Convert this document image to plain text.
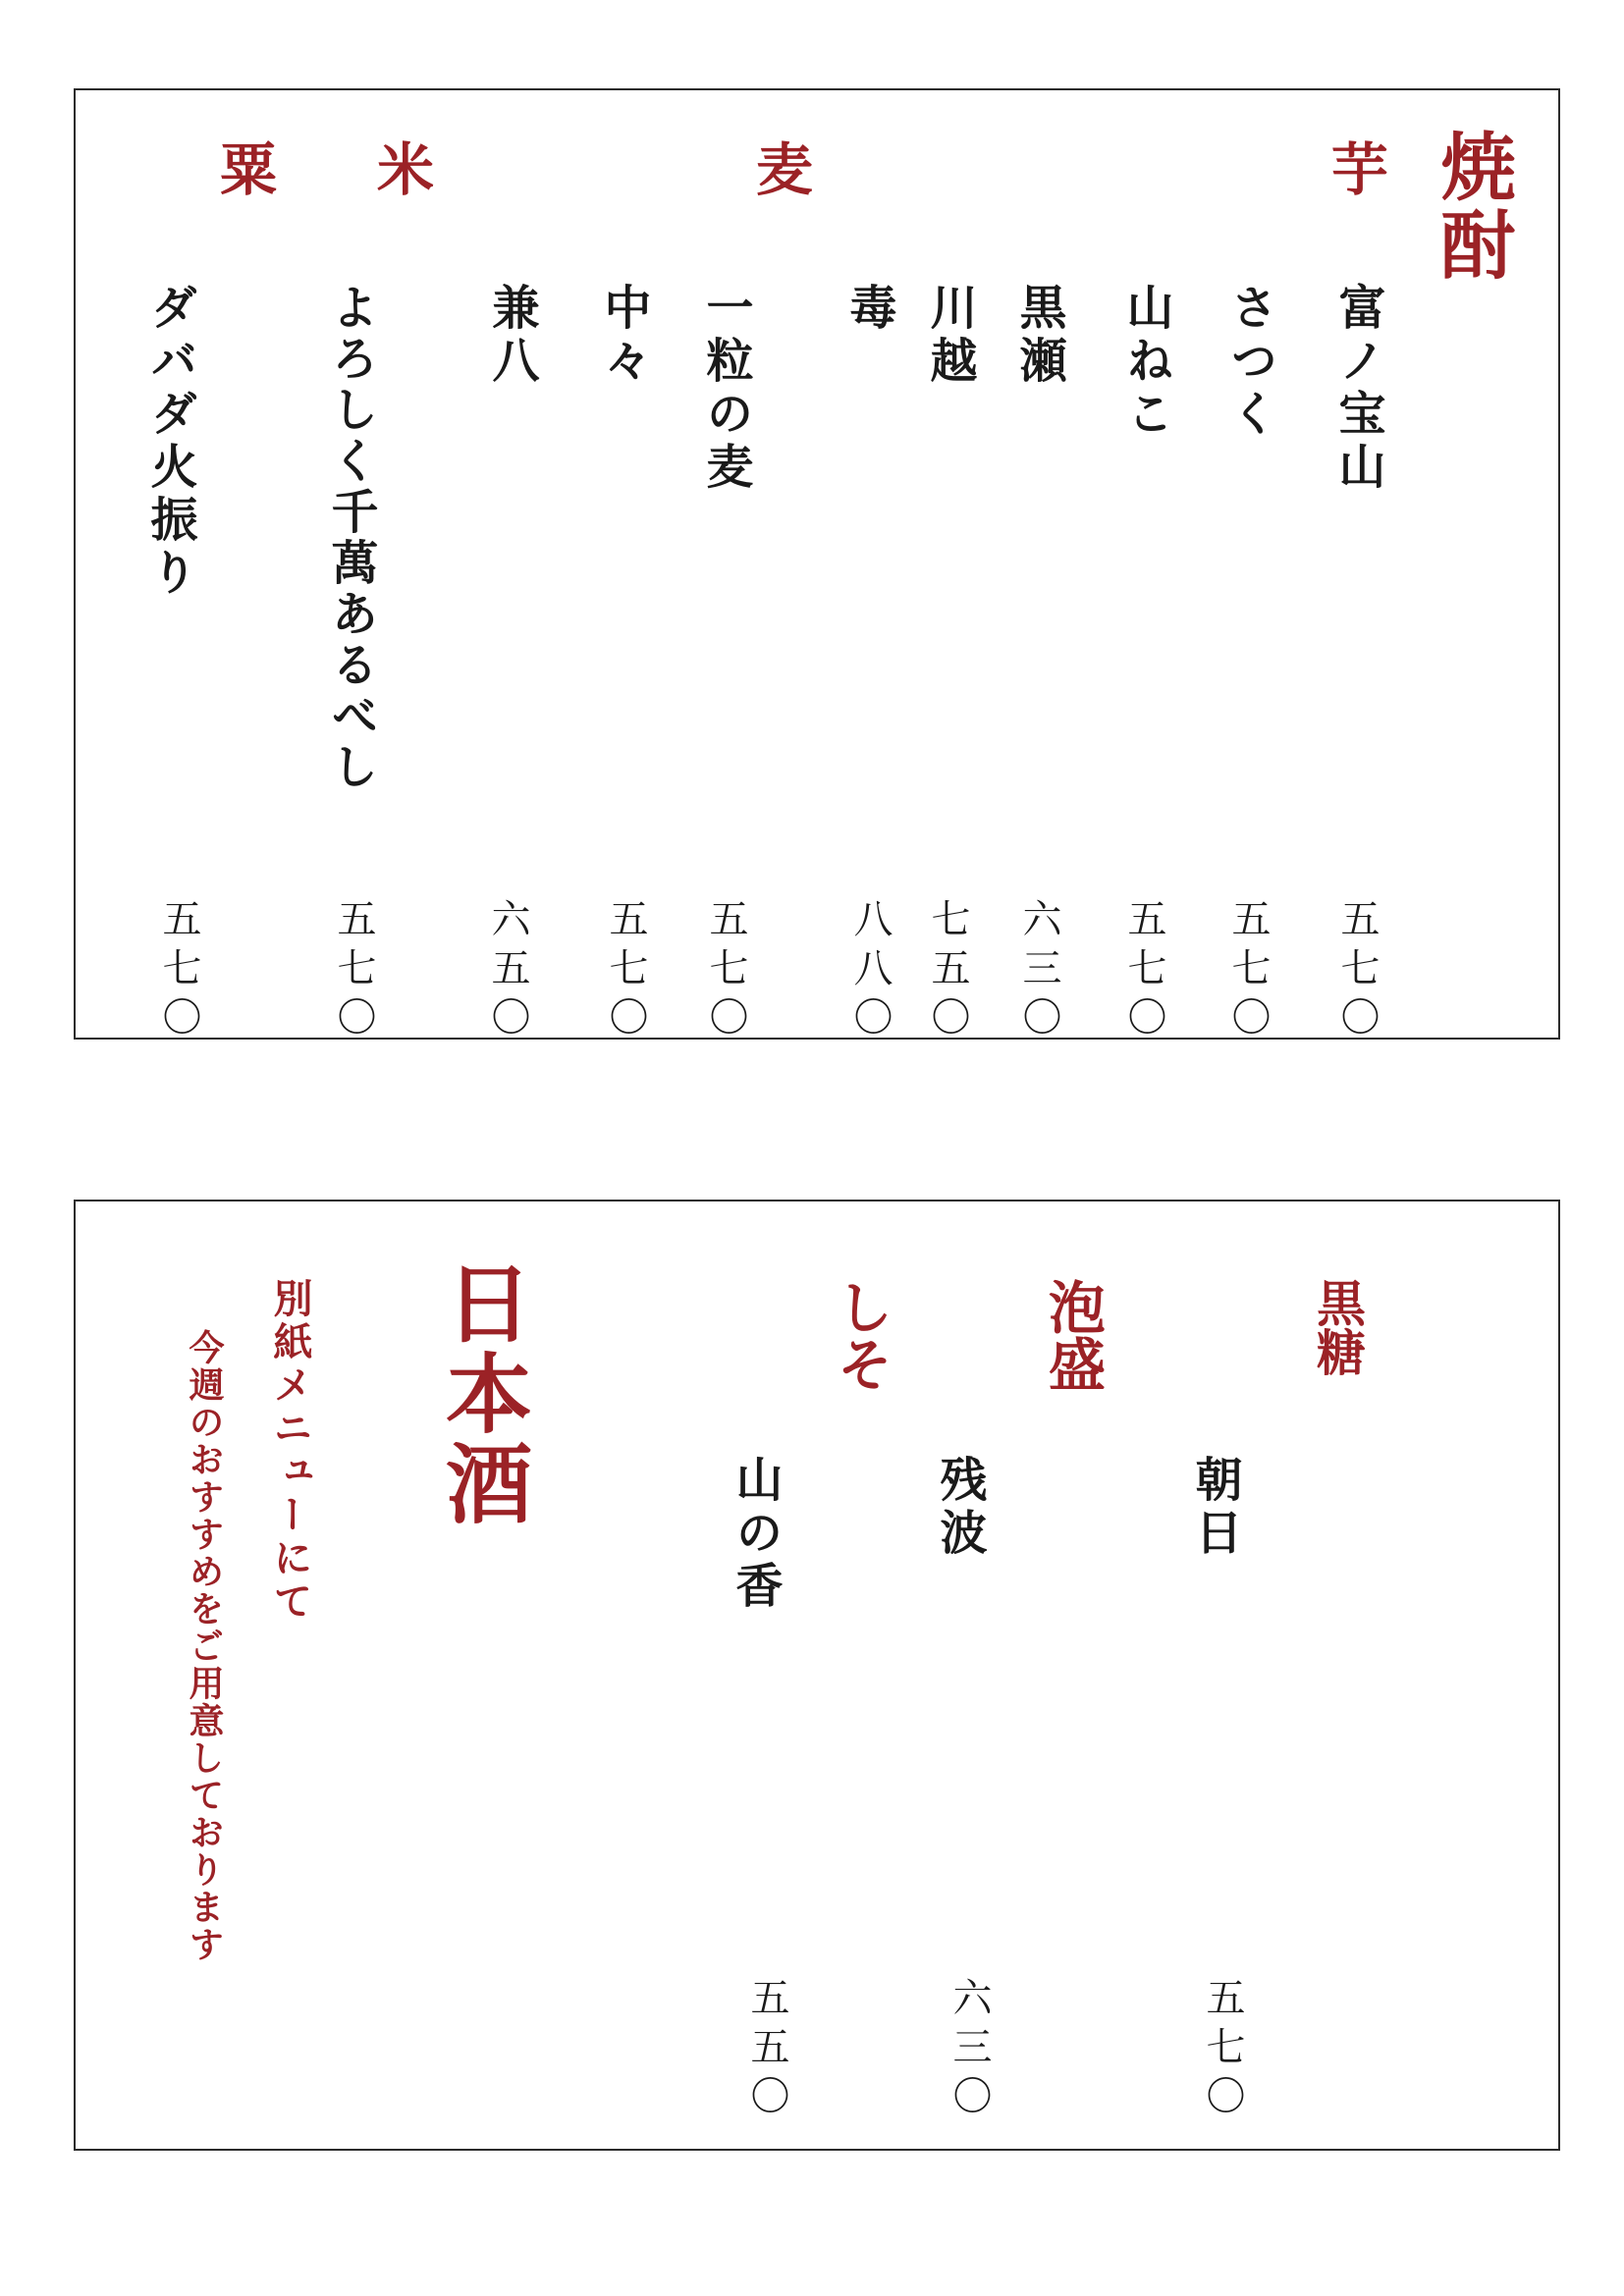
焼酎
芋
麦
米
粟
富ノ宝山
五七〇
さつく
五七〇
山ねこ
五七〇
黒瀬
六三〇
川越
七五〇
毒
八八〇
一粒の麦
五七〇
中々
五七〇
兼八
六五〇
よろしく千萬あるべし
五七〇
ダバダ火振り
五七〇
黒糖
泡盛
しそ
朝日
五七〇
残波
六三〇
山の香
五五〇
日本酒
別紙メニューにて
今週のおすすめをご用意しております
